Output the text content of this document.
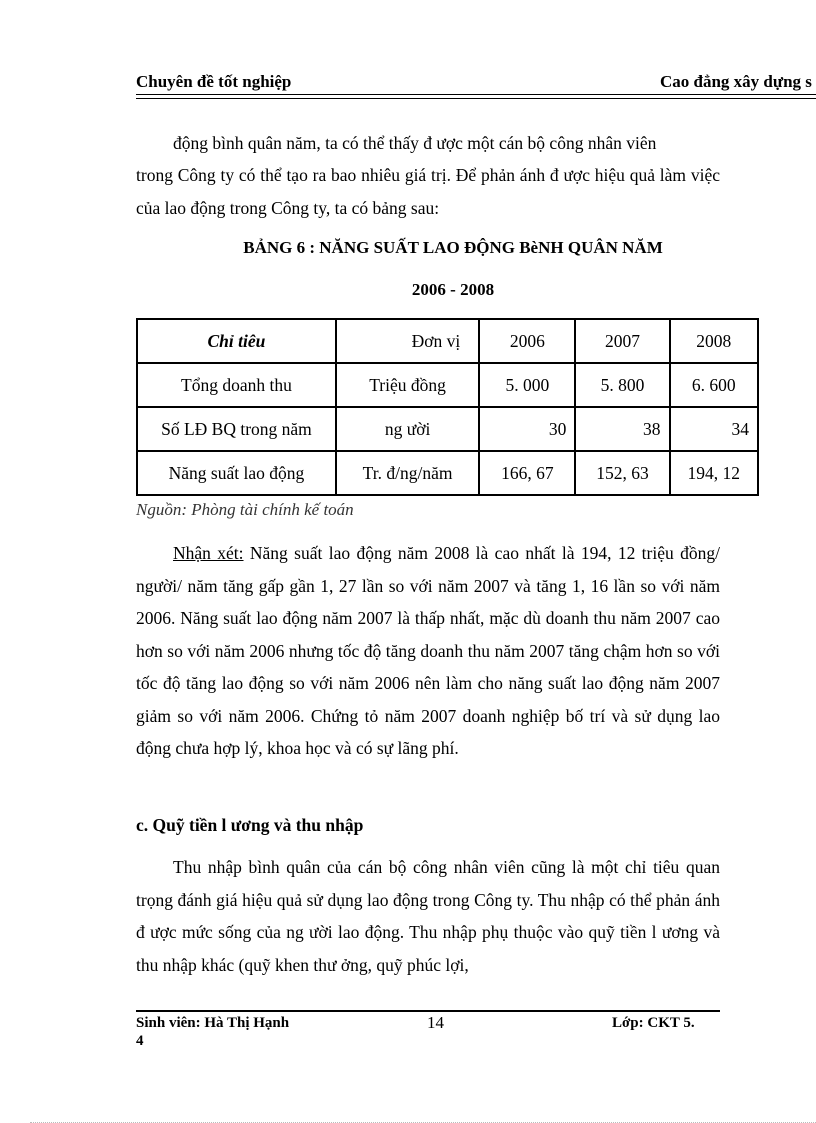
Chuyên đề tốt nghiệp	Cao đẳng xây dựng s

động bình quân năm, ta có thể thấy đ ược một cán bộ công nhân viên

trong Công ty có thể tạo ra bao nhiêu giá trị. Để phản ánh đ ược hiệu quả làm việc của lao động trong Công ty, ta có bảng sau:

BẢNG 6 : NĂNG SUẤT LAO ĐỘNG BèNH QUÂN NĂM
2006 - 2008
Chỉ tiêu	Đơn vị	2006	2007	2008
Tổng doanh thu	Triệu đồng	5. 000	5. 800	6. 600
Số LĐ BQ trong năm	ng ười	30	38	34
Năng suất lao động	Tr. đ/ng/năm	166, 67	152, 63	194, 12
Nguồn: Phòng tài chính kế toán

Nhận xét: Năng suất lao động năm 2008 là cao nhất là 194, 12 triệu đồng/ người/ năm tăng gấp gần 1, 27 lần so với năm 2007 và tăng 1, 16 lần so với năm 2006. Năng suất lao động năm 2007 là thấp nhất, mặc dù doanh thu năm 2007 cao hơn so với năm 2006 nhưng tốc độ tăng doanh thu năm 2007 tăng chậm hơn so với tốc độ tăng lao động so với năm 2006 nên làm cho năng suất lao động năm 2007 giảm so với năm 2006. Chứng tỏ năm 2007 doanh nghiệp bố trí và sử dụng lao động chưa hợp lý, khoa học và có sự lãng phí.

c. Quỹ tiền l ương và thu nhập

Thu nhập bình quân của cán bộ công nhân viên cũng là một chỉ tiêu quan trọng đánh giá hiệu quả sử dụng lao động trong Công ty. Thu nhập có thể phản ánh đ ược mức sống của ng ười lao động. Thu nhập phụ thuộc vào quỹ tiền l ương và thu nhập khác (quỹ khen thư ởng, quỹ phúc lợi,

Sinh viên: Hà Thị Hạnh	14	Lớp: CKT 5.
4
